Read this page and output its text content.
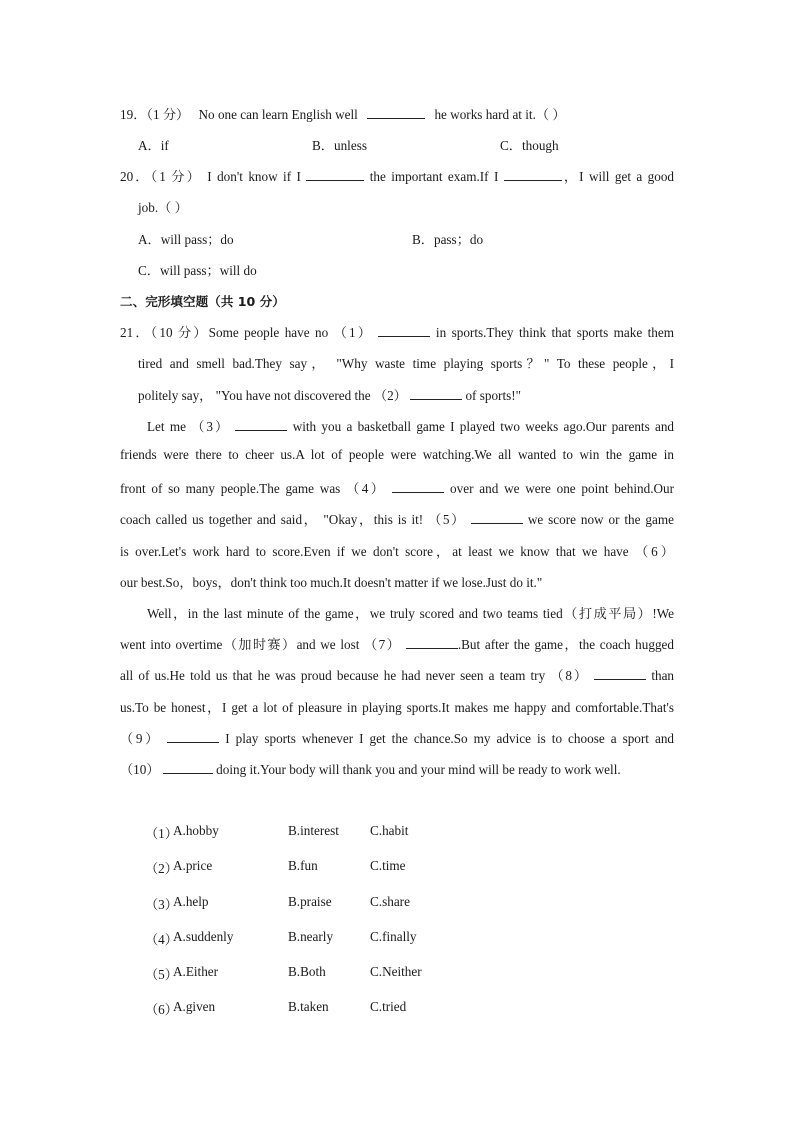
19．（1 分） No one can learn English well	he works hard at it.（ ）
A．if	B．unless	C．though
20．（1 分） I don't know if I	the important exam.If I	，I will get a good
job.（ ）
A．will pass；do	B．pass；do
C．will pass；will do
二、完形填空题（共 10 分）
21．（10 分）Some people have no （1）	in sports.They think that sports make them
tired and smell bad.They say， "Why waste time playing sports？" To these people，I
politely say， "You have not discovered the （2）	of sports!"
Let me （3）	with you a basketball game I played two weeks ago.Our parents and
friends were there to cheer us.A lot of people were watching.We all wanted to win the game in
front of so many people.The game was （4）	over and we were one point behind.Our
coach called us together and said， "Okay，this is it! （5）	we score now or the game
is over.Let's work hard to score.Even if we don't score，at least we know that we have （6）
our best.So，boys，don't think too much.It doesn't matter if we lose.Just do it."
Well，in the last minute of the game，we truly scored and two teams tied（打成平局）!We
went into overtime（加时赛）and we lost （7）	.But after the game，the coach hugged
all of us.He told us that he was proud because he had never seen a team try （8）	than
us.To be honest，I get a lot of pleasure in playing sports.It makes me happy and comfortable.That's
（9）	I play sports whenever I get the chance.So my advice is to choose a sport and
（10）	doing it.Your body will thank you and your mind will be ready to work well.
（1）
A.hobby	B.interest C.habit
（2）
A.price	B.fun	C.time
（3）
A.help	B.praise	C.share
（4）
A.suddenly	B.nearly	C.finally
（5）
A.Either	B.Both	C.Neither
（6）
A.given	B.taken	C.tried
